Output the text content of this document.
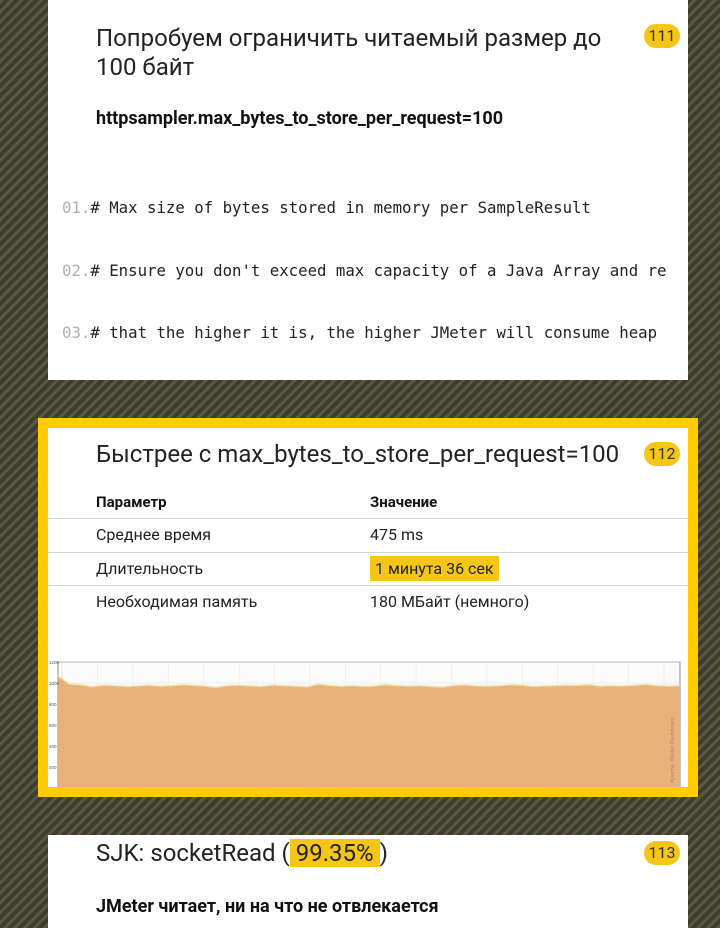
Попробуем ограничить читаемый размер до 100 байт
111
httpsampler.max_bytes_to_store_per_request=100

01.# Max size of bytes stored in memory per SampleResult

02.# Ensure you don't exceed max capacity of a Java Array and re

03.# that the higher it is, the higher JMeter will consume heap

Быстрее с max_bytes_to_store_per_request=100 112
Параметр	Значение
Среднее время	475 ms
Длительность	1 минута 36 сек
Необходимая память	180 МБайт (немного)
1200
1000
800
600
400
200
0
10:36:40	10:36:45	10:36:50	10:36:55	10:37:00	10:37:05	10:37:10	10:37:15	10:37:20	10:37:25	10:37:30	10:37:35	10:37:40	10:37:45	10:37:50	10:37:55	10:38:00	10:38:05
Apache JMeter Dashboard
SJK: socketRead ( 99.35% )	113
JMeter читает, ни на что не отвлекается
